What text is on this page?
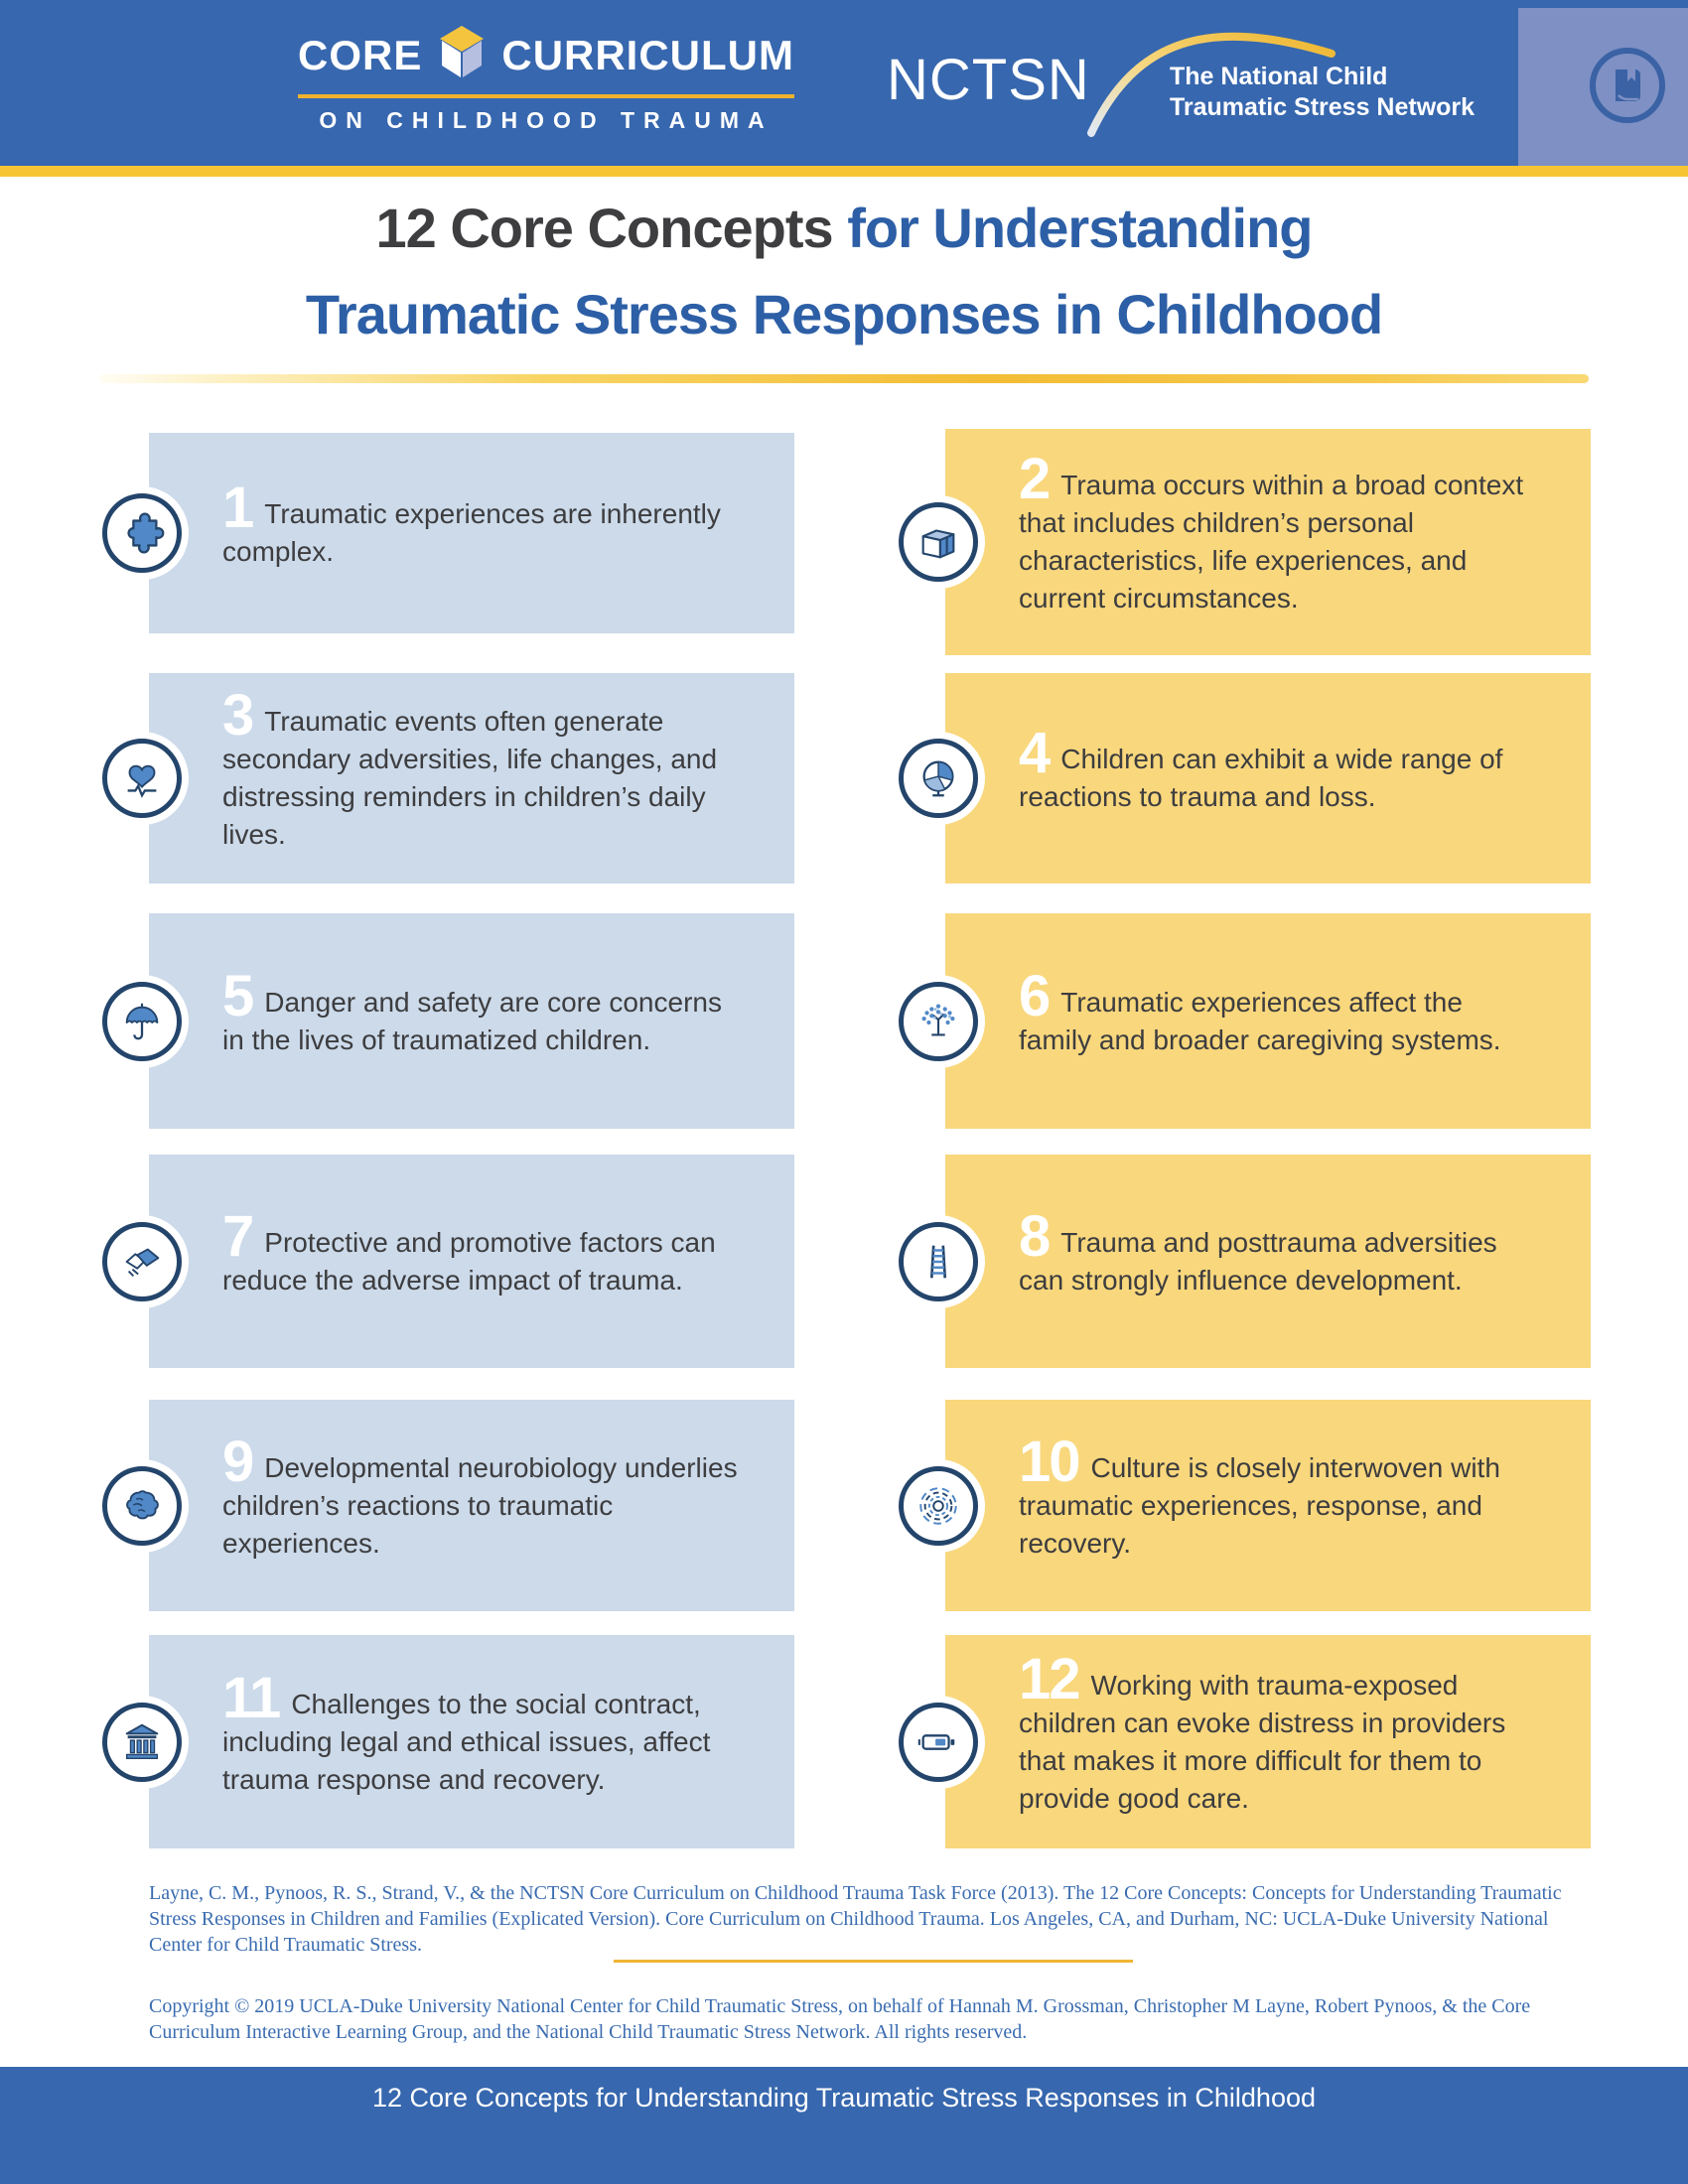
CORE CURRICULUM
ON CHILDHOOD TRAUMA
NCTSN	The National Child
Traumatic Stress Network
12 Core Concepts for Understanding
Traumatic Stress Responses in Childhood

1 Traumatic experiences are inherently complex.

2 Trauma occurs within a broad context that includes children’s personal characteristics, life experiences, and current circumstances.

3 Traumatic events often generate secondary adversities, life changes, and distressing reminders in children’s daily lives.

4 Children can exhibit a wide range of reactions to trauma and loss.

5 Danger and safety are core concerns in the lives of traumatized children.

6 Traumatic experiences affect the family and broader caregiving systems.

7 Protective and promotive factors can reduce the adverse impact of trauma.

8 Trauma and posttrauma adversities can strongly influence development.

9 Developmental neurobiology underlies children’s reactions to traumatic experiences.

10 Culture is closely interwoven with traumatic experiences, response, and recovery.

11 Challenges to the social contract, including legal and ethical issues, affect trauma response and recovery.

12 Working with trauma-exposed children can evoke distress in providers that makes it more difficult for them to provide good care.

Layne, C. M., Pynoos, R. S., Strand, V., & the NCTSN Core Curriculum on Childhood Trauma Task Force (2013). The 12 Core Concepts: Concepts for Understanding Traumatic Stress Responses in Children and Families (Explicated Version). Core Curriculum on Childhood Trauma. Los Angeles, CA, and Durham, NC: UCLA-Duke University National Center for Child Traumatic Stress.
Copyright © 2019 UCLA-Duke University National Center for Child Traumatic Stress, on behalf of Hannah M. Grossman, Christopher M Layne, Robert Pynoos, & the Core Curriculum Interactive Learning Group, and the National Child Traumatic Stress Network. All rights reserved.
12 Core Concepts for Understanding Traumatic Stress Responses in Childhood
